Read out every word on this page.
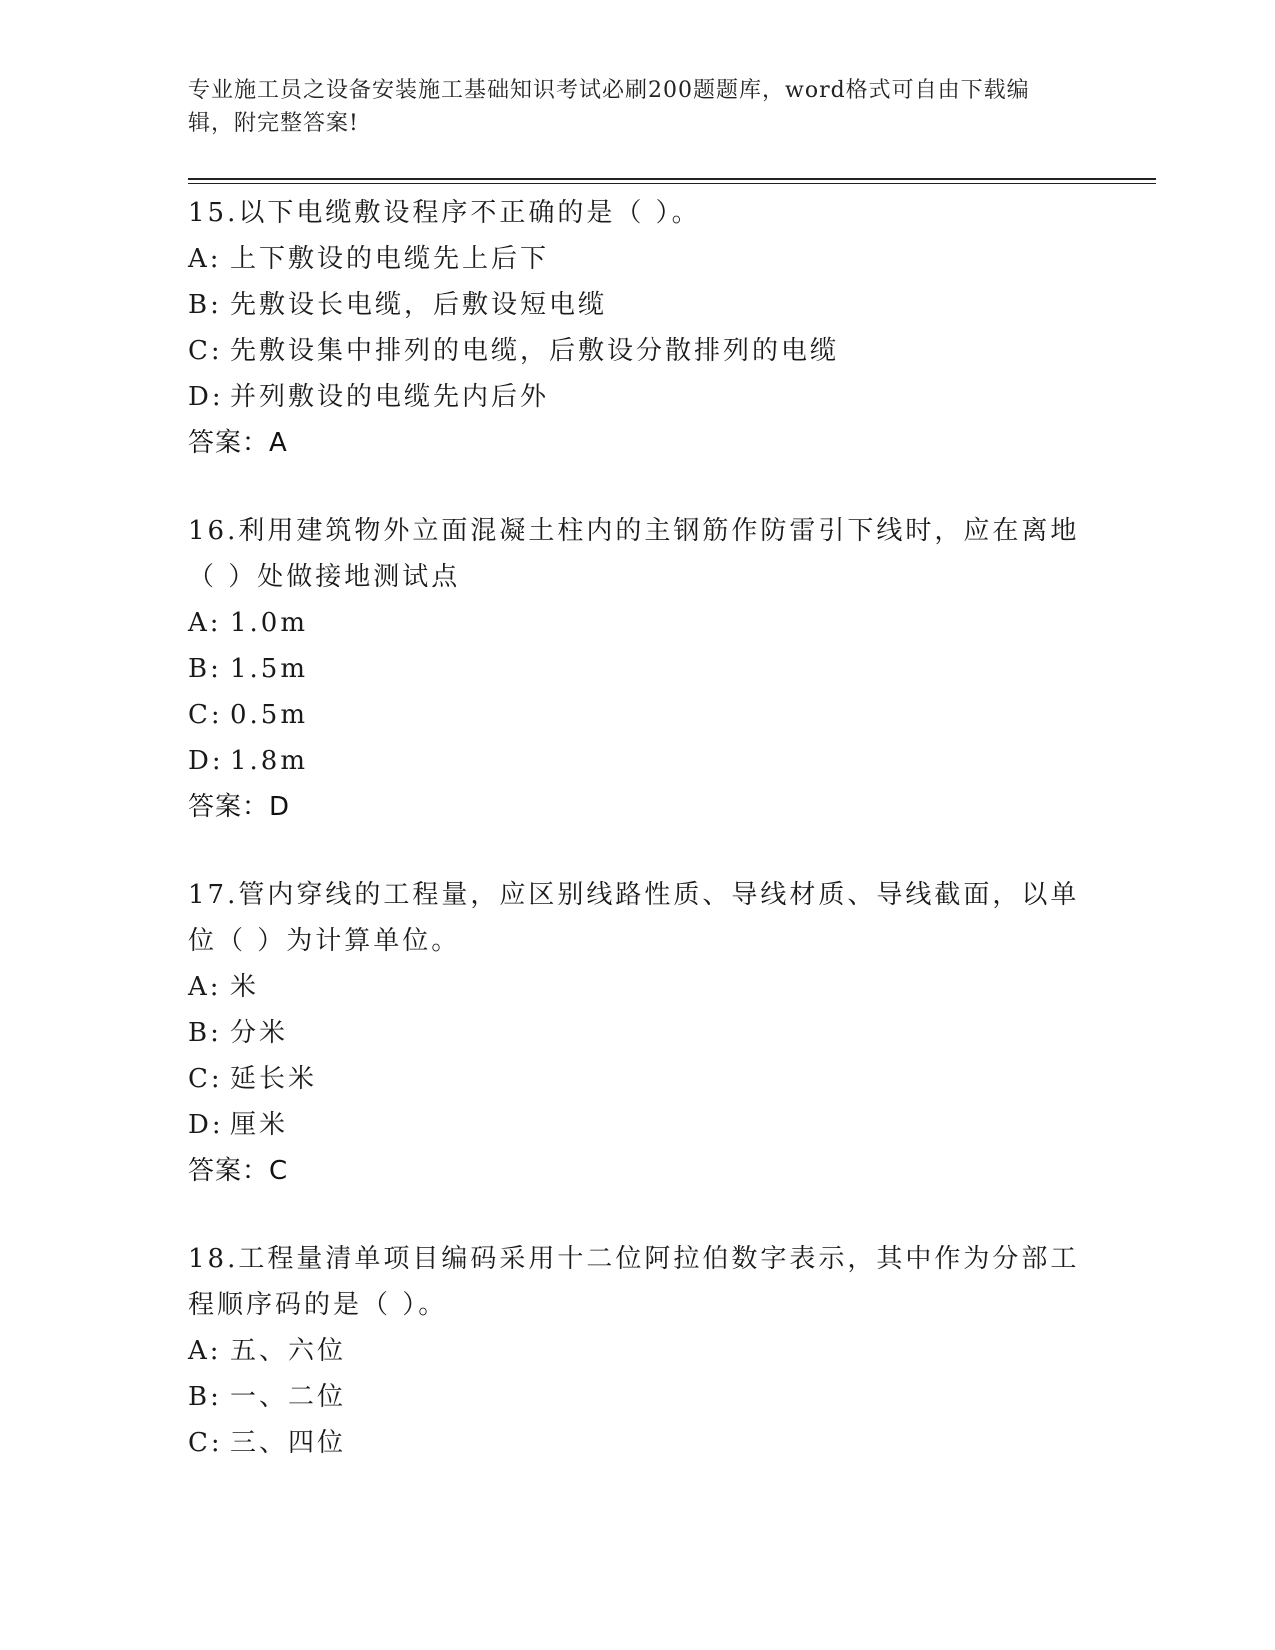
专业施工员之设备安装施工基础知识考试必刷200题题库，word格式可自由下载编辑，附完整答案!
15.以下电缆敷设程序不正确的是（ ）。
A: 上下敷设的电缆先上后下
B: 先敷设长电缆，后敷设短电缆
C: 先敷设集中排列的电缆，后敷设分散排列的电缆
D: 并列敷设的电缆先内后外
答案：A
16.利用建筑物外立面混凝土柱内的主钢筋作防雷引下线时，应在离地（ ）处做接地测试点
A: 1.0m
B: 1.5m
C: 0.5m
D: 1.8m
答案：D
17.管内穿线的工程量，应区别线路性质、导线材质、导线截面，以单位（ ）为计算单位。
A: 米
B: 分米
C: 延长米
D: 厘米
答案：C
18.工程量清单项目编码采用十二位阿拉伯数字表示，其中作为分部工程顺序码的是（ ）。
A: 五、六位
B: 一、二位
C: 三、四位
